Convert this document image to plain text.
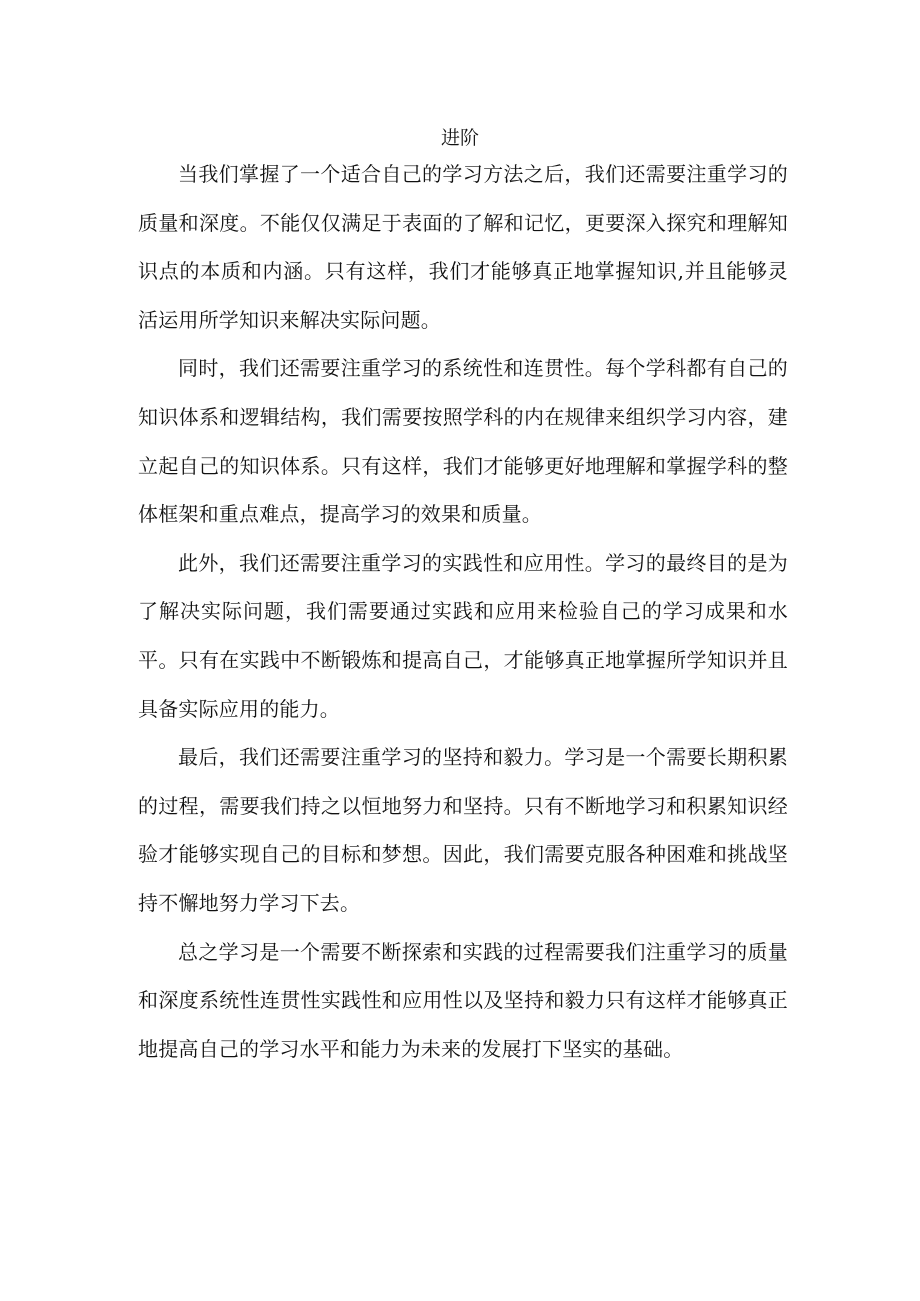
进阶

当我们掌握了一个适合自己的学习方法之后，我们还需要注重学习的质量和深度。不能仅仅满足于表面的了解和记忆，更要深入探究和理解知识点的本质和内涵。只有这样，我们才能够真正地掌握知识,并且能够灵活运用所学知识来解决实际问题。

同时，我们还需要注重学习的系统性和连贯性。每个学科都有自己的知识体系和逻辑结构，我们需要按照学科的内在规律来组织学习内容，建立起自己的知识体系。只有这样，我们才能够更好地理解和掌握学科的整体框架和重点难点，提高学习的效果和质量。

此外，我们还需要注重学习的实践性和应用性。学习的最终目的是为了解决实际问题，我们需要通过实践和应用来检验自己的学习成果和水平。只有在实践中不断锻炼和提高自己，才能够真正地掌握所学知识并且具备实际应用的能力。

最后，我们还需要注重学习的坚持和毅力。学习是一个需要长期积累的过程，需要我们持之以恒地努力和坚持。只有不断地学习和积累知识经验才能够实现自己的目标和梦想。因此，我们需要克服各种困难和挑战坚持不懈地努力学习下去。

总之学习是一个需要不断探索和实践的过程需要我们注重学习的质量和深度系统性连贯性实践性和应用性以及坚持和毅力只有这样才能够真正地提高自己的学习水平和能力为未来的发展打下坚实的基础。
